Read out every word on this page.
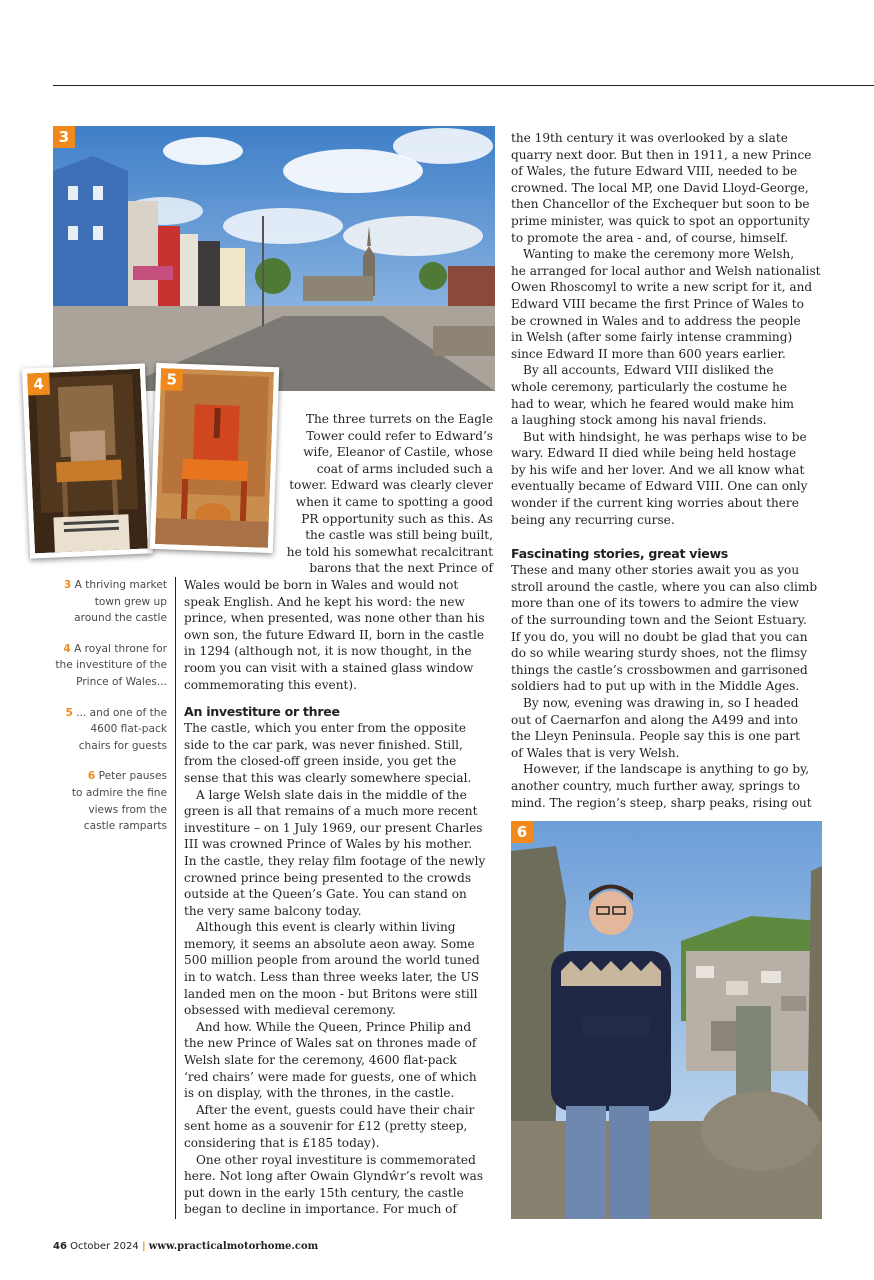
3
4	5
6

The three turrets on the Eagle

Tower could refer to Edward’s

wife, Eleanor of Castile, whose

coat of arms included such a

tower. Edward was clearly clever

when it came to spotting a good

PR opportunity such as this. As

the castle was still being built,

he told his somewhat recalcitrant

barons that the next Prince of

3 A thriving market
town grew up
around the castle

4 A royal throne for
the investiture of the
Prince of Wales...

5 ... and one of the
4600 flat-pack
chairs for guests

6 Peter pauses
to admire the fine
views from the
castle ramparts

Wales would be born in Wales and would not

speak English. And he kept his word: the new

prince, when presented, was none other than his

own son, the future Edward II, born in the castle

in 1294 (although not, it is now thought, in the

room you can visit with a stained glass window

commemorating this event).

An investiture or three

The castle, which you enter from the opposite

side to the car park, was never finished. Still,

from the closed-off green inside, you get the

sense that this was clearly somewhere special.

A large Welsh slate dais in the middle of the

green is all that remains of a much more recent

investiture – on 1 July 1969, our present Charles

III was crowned Prince of Wales by his mother.

In the castle, they relay film footage of the newly

crowned prince being presented to the crowds

outside at the Queen’s Gate. You can stand on

the very same balcony today.

Although this event is clearly within living

memory, it seems an absolute aeon away. Some

500 million people from around the world tuned

in to watch. Less than three weeks later, the US

landed men on the moon - but Britons were still

obsessed with medieval ceremony.

And how. While the Queen, Prince Philip and

the new Prince of Wales sat on thrones made of

Welsh slate for the ceremony, 4600 flat-pack

‘red chairs’ were made for guests, one of which

is on display, with the thrones, in the castle.

After the event, guests could have their chair

sent home as a souvenir for £12 (pretty steep,

considering that is £185 today).

One other royal investiture is commemorated

here. Not long after Owain Glyndŵr’s revolt was

put down in the early 15th century, the castle

began to decline in importance. For much of

the 19th century it was overlooked by a slate

quarry next door. But then in 1911, a new Prince

of Wales, the future Edward VIII, needed to be

crowned. The local MP, one David Lloyd-George,

then Chancellor of the Exchequer but soon to be

prime minister, was quick to spot an opportunity

to promote the area - and, of course, himself.

Wanting to make the ceremony more Welsh,

he arranged for local author and Welsh nationalist

Owen Rhoscomyl to write a new script for it, and

Edward VIII became the first Prince of Wales to

be crowned in Wales and to address the people

in Welsh (after some fairly intense cramming)

since Edward II more than 600 years earlier.

By all accounts, Edward VIII disliked the

whole ceremony, particularly the costume he

had to wear, which he feared would make him

a laughing stock among his naval friends.

But with hindsight, he was perhaps wise to be

wary. Edward II died while being held hostage

by his wife and her lover. And we all know what

eventually became of Edward VIII. One can only

wonder if the current king worries about there

being any recurring curse.

Fascinating stories, great views

These and many other stories await you as you

stroll around the castle, where you can also climb

more than one of its towers to admire the view

of the surrounding town and the Seiont Estuary.

If you do, you will no doubt be glad that you can

do so while wearing sturdy shoes, not the flimsy

things the castle’s crossbowmen and garrisoned

soldiers had to put up with in the Middle Ages.

By now, evening was drawing in, so I headed

out of Caernarfon and along the A499 and into

the Lleyn Peninsula. People say this is one part

of Wales that is very Welsh.

However, if the landscape is anything to go by,

another country, much further away, springs to

mind. The region’s steep, sharp peaks, rising out

46 October 2024 | www.practicalmotorhome.com
